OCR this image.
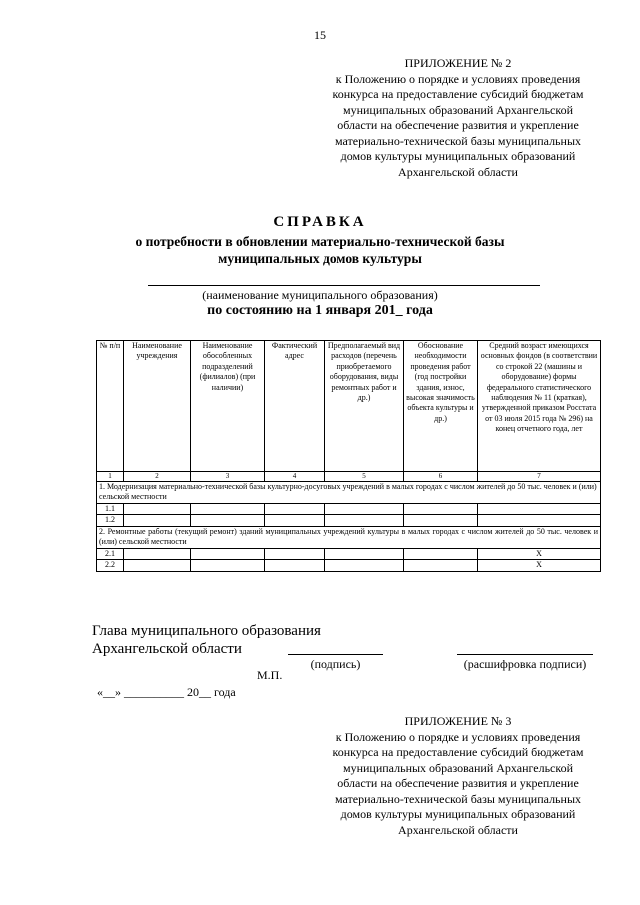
15
ПРИЛОЖЕНИЕ № 2
к Положению о порядке и условиях проведения
конкурса на предоставление субсидий бюджетам
муниципальных образований Архангельской
области на обеспечение развития и укрепление
материально-технической базы муниципальных
домов культуры муниципальных образований
Архангельской области
СПРАВКА
о потребности в обновлении материально-технической базы
муниципальных домов культуры
(наименование муниципального образования)
по состоянию на 1 января 201_ года
№ п/п	Наименование учреждения	Наименование обособленных подразделений (филиалов) (при наличии)	Фактический адрес	Предполагаемый вид расходов (перечень приобретаемого оборудования, виды ремонтных работ и др.)	Обоснование необходимости проведения работ (год постройки здания, износ, высокая значимость объекта культуры и др.)	Средний возраст имеющихся основных фондов (в соответствии со строкой 22 (машины и оборудование) формы федерального статистического наблюдения № 11 (краткая), утвержденной приказом Росстата от 03 июля 2015 года № 296) на конец отчетного года, лет
1	2	3	4	5	6	7
1. Модернизация материально-технической базы культурно-досуговых учреждений в малых городах с числом жителей до 50 тыс. человек и (или) сельской местности						
1.1						
1.2						
2. Ремонтные работы (текущий ремонт) зданий муниципальных учреждений культуры в малых городах с числом жителей до 50 тыс. человек и (или) сельской местности						
2.1						X
2.2						X
Глава муниципального образования
Архангельской области
(подпись)	(расшифровка подписи)
М.П.
«__» __________ 20__ года
ПРИЛОЖЕНИЕ № 3
к Положению о порядке и условиях проведения
конкурса на предоставление субсидий бюджетам
муниципальных образований Архангельской
области на обеспечение развития и укрепление
материально-технической базы муниципальных
домов культуры муниципальных образований
Архангельской области
